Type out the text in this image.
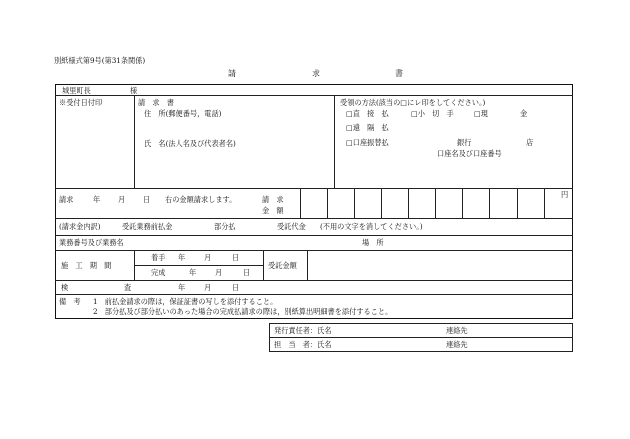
別紙様式第9号(第31条関係)
請	求	書
城里町長	様
※受付日付印	請　求　書
住　所(郵便番号，電話)
氏　名(法人名及び代表者名)
受領の方法(該当の□にレ印をしてください。)
□直　接　払	□小　切　手	□現	金
□遠　隔　払
□口座振替払	銀行	店
口座名及び口座番号
請求	年 月 日 右の金額請求します。	請　求
金　額
円
(請求金内訳)	受託業務前払金	部分払	受託代金 (不用の文字を消してください。)
業務番号及び業務名	場　所
施　工　期　間
着手 年	月	日
完成	年	月	日
受託金額
検	査	年	月	日
備　考 1　前払金請求の際は，保証証書の写しを添付すること。
2　部分払及び部分払いのあった場合の完成払請求の際は，別紙算出明細書を添付すること。
発行責任者：氏名	連絡先
担　当　者：氏名	連絡先
